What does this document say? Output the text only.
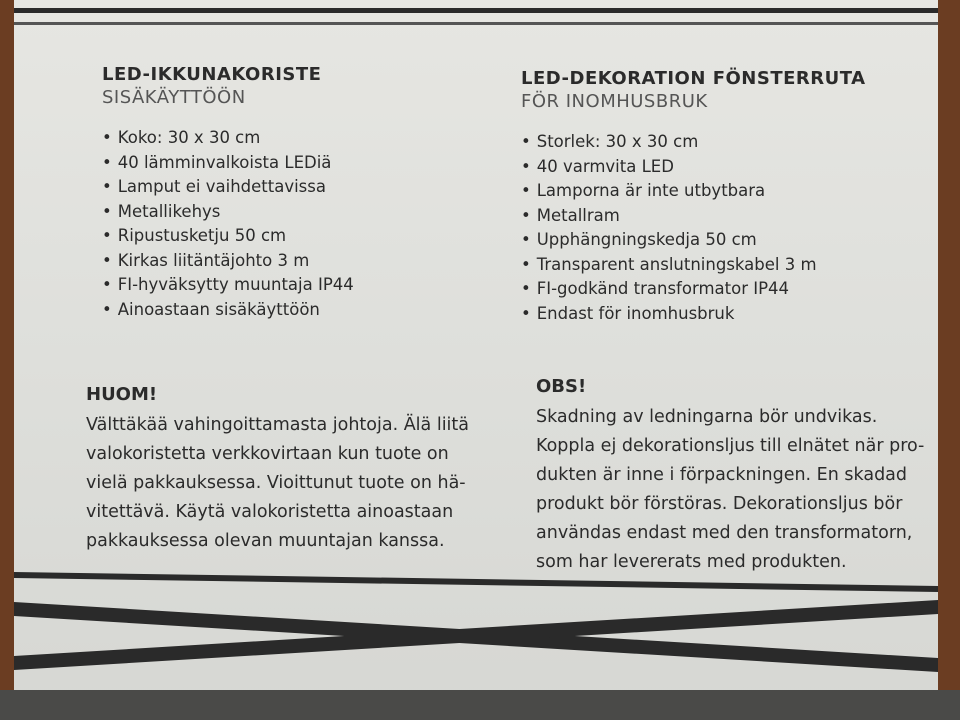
LED-IKKUNAKORISTE
SISÄKÄYTTÖÖN
• Koko: 30 x 30 cm
• 40 lämminvalkoista LEDiä
• Lamput ei vaihdettavissa
• Metallikehys
• Ripustusketju 50 cm
• Kirkas liitäntäjohto 3 m
• FI-hyväksytty muuntaja IP44
• Ainoastaan sisäkäyttöön
LED-DEKORATION FÖNSTERRUTA
FÖR INOMHUSBRUK
• Storlek: 30 x 30 cm
• 40 varmvita LED
• Lamporna är inte utbytbara
• Metallram
• Upphängningskedja 50 cm
• Transparent anslutningskabel 3 m
• FI-godkänd transformator IP44
• Endast för inomhusbruk
HUOM!

Välttäkää vahingoittamasta johtoja. Älä liitä
valokoristetta verkkovirtaan kun tuote on
vielä pakkauksessa. Vioittunut tuote on hä-
vitettävä. Käytä valokoristetta ainoastaan
pakkauksessa olevan muuntajan kanssa.

OBS!

Skadning av ledningarna bör undvikas.
Koppla ej dekorationsljus till elnätet när pro-
dukten är inne i förpackningen. En skadad
produkt bör förstöras. Dekorationsljus bör
användas endast med den transformatorn,
som har levererats med produkten.
